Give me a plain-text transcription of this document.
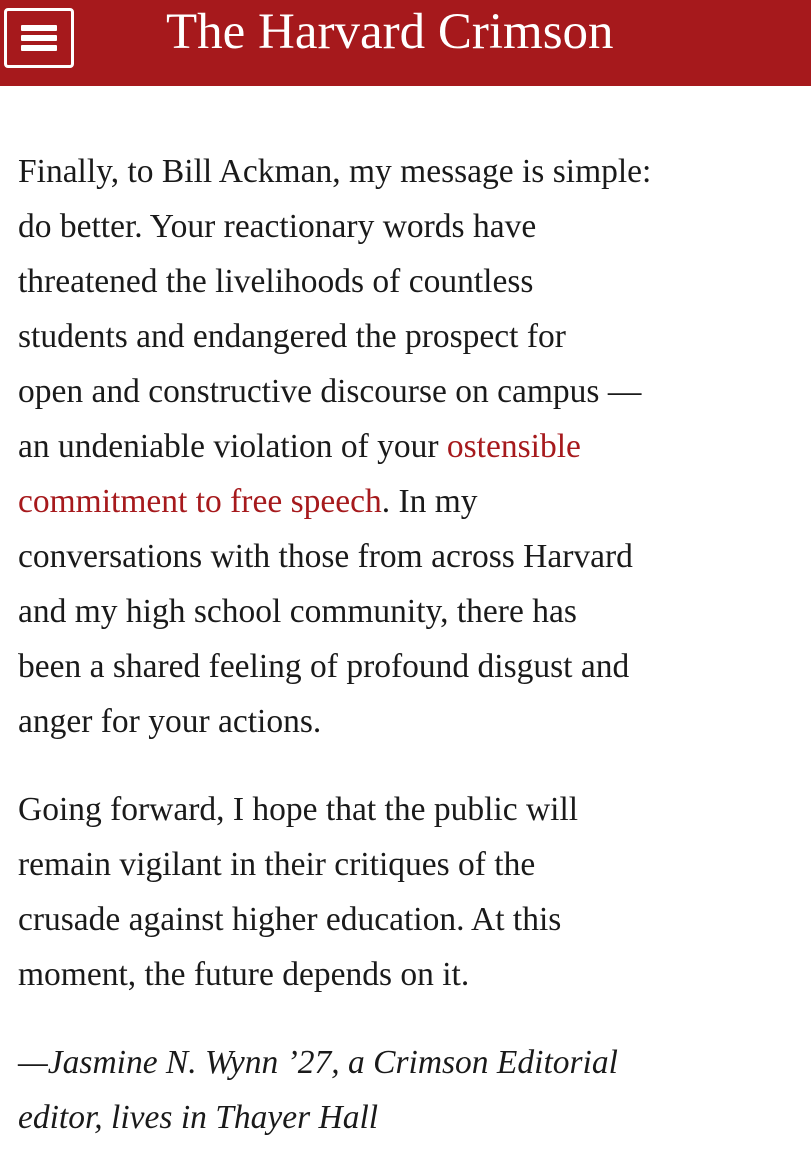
The Harvard Crimson

Finally, to Bill Ackman, my message is simple:
do better. Your reactionary words have
threatened the livelihoods of countless
students and endangered the prospect for
open and constructive discourse on campus —
an undeniable violation of your ostensible
commitment to free speech. In my
conversations with those from across Harvard
and my high school community, there has
been a shared feeling of profound disgust and
anger for your actions.

Going forward, I hope that the public will
remain vigilant in their critiques of the
crusade against higher education. At this
moment, the future depends on it.

—Jasmine N. Wynn ’27, a Crimson Editorial
editor, lives in Thayer Hall
